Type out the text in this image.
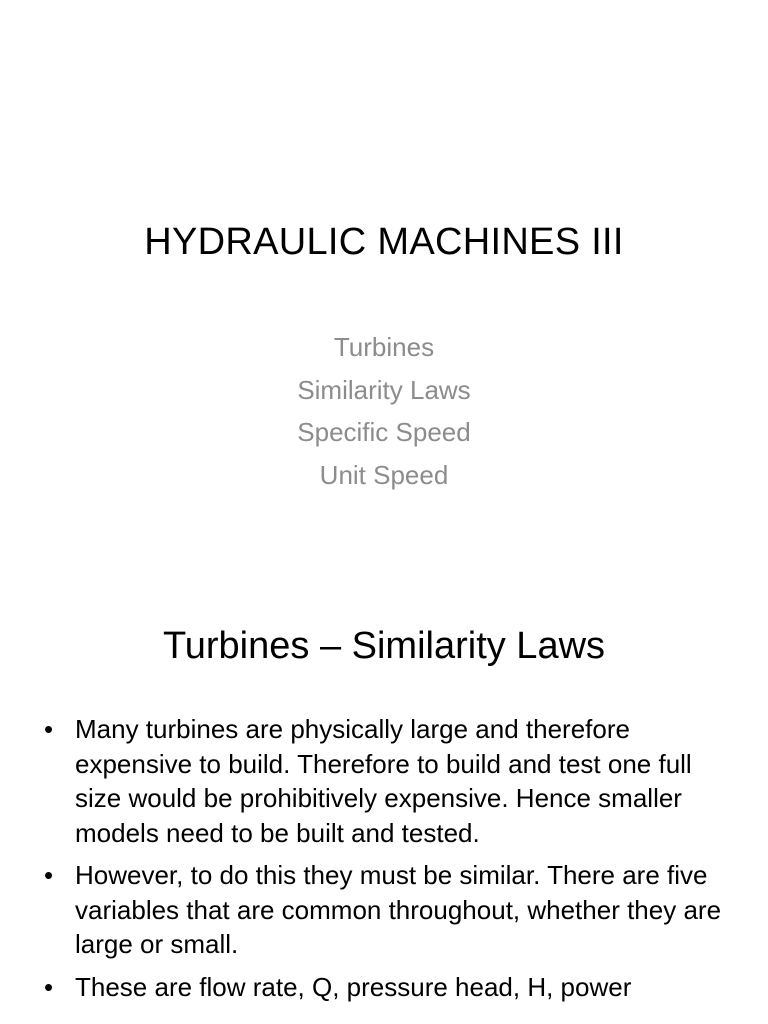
HYDRAULIC MACHINES III
Turbines
Similarity Laws
Specific Speed
Unit Speed
Turbines – Similarity Laws
• Many turbines are physically large and therefore expensive to build. Therefore to build and test one full size would be prohibitively expensive. Hence smaller models need to be built and tested.
• However, to do this they must be similar. There are five variables that are common throughout, whether they are large or small.
• These are flow rate, Q, pressure head, H, power
